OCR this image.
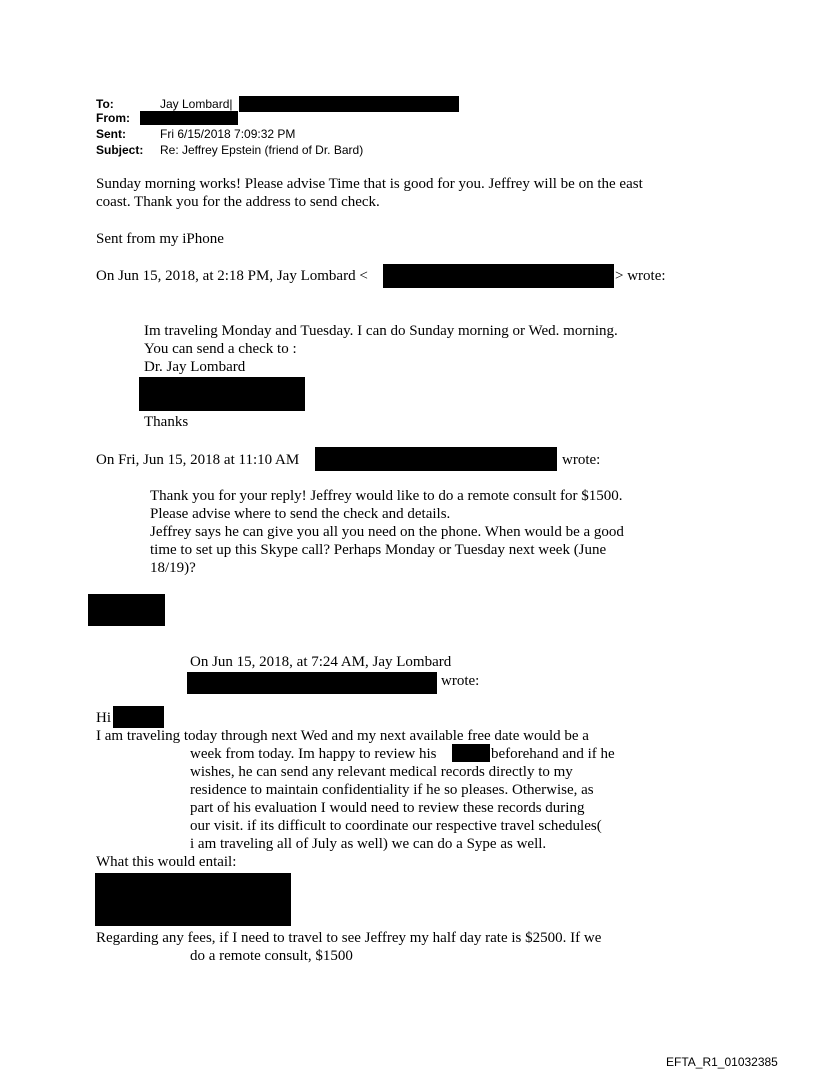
To:	Jay Lombard|
From:
Sent:	Fri 6/15/2018 7:09:32 PM
Subject: Re: Jeffrey Epstein (friend of Dr. Bard)
Sunday morning works! Please advise Time that is good for you. Jeffrey will be on the east
coast. Thank you for the address to send check.
Sent from my iPhone
On Jun 15, 2018, at 2:18 PM, Jay Lombard <	> wrote:
Im traveling Monday and Tuesday. I can do Sunday morning or Wed. morning.
You can send a check to :
Dr. Jay Lombard
Thanks
On Fri, Jun 15, 2018 at 11:10 AM	wrote:
Thank you for your reply! Jeffrey would like to do a remote consult for $1500.
Please advise where to send the check and details.
Jeffrey says he can give you all you need on the phone. When would be a good
time to set up this Skype call? Perhaps Monday or Tuesday next week (June
18/19)?
On Jun 15, 2018, at 7:24 AM, Jay Lombard
wrote:
Hi
I am traveling today through next Wed and my next available free date would be a
week from today. Im happy to review his	beforehand and if he
wishes, he can send any relevant medical records directly to my
residence to maintain confidentiality if he so pleases. Otherwise, as
part of his evaluation I would need to review these records during
our visit. if its difficult to coordinate our respective travel schedules(
i am traveling all of July as well) we can do a Sype as well.
What this would entail:
Regarding any fees, if I need to travel to see Jeffrey my half day rate is $2500. If we
do a remote consult, $1500
EFTA_R1_01032385
